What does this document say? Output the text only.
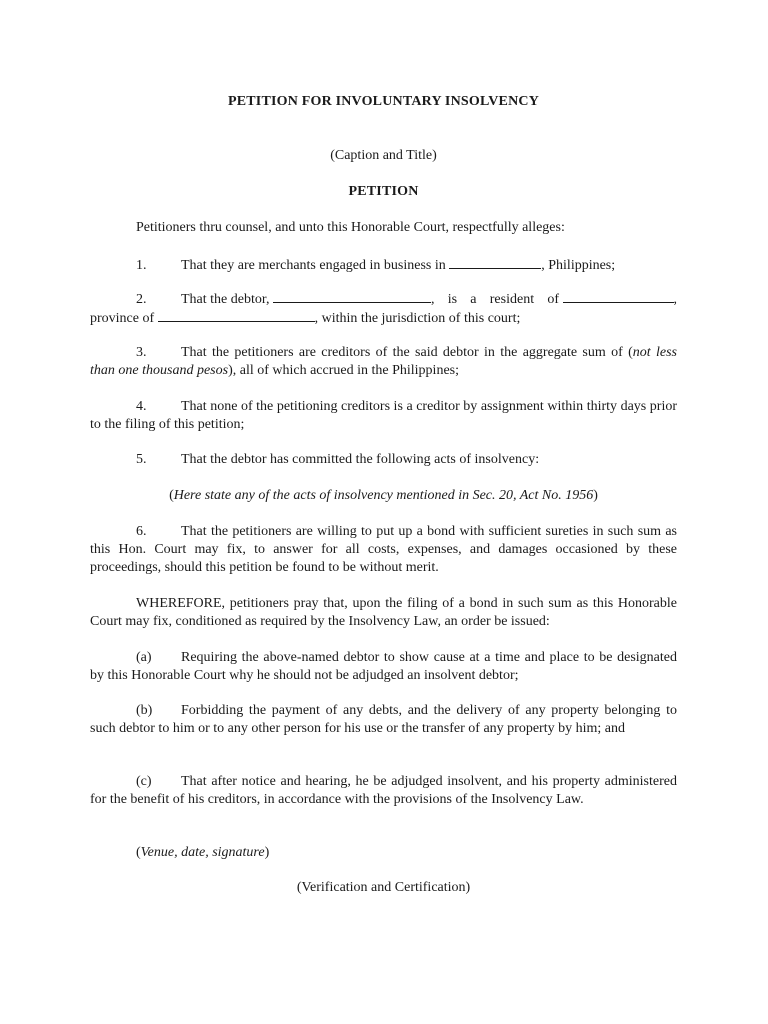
PETITION FOR INVOLUNTARY INSOLVENCY

(Caption and Title)

PETITION

Petitioners thru counsel, and unto this Honorable Court, respectfully alleges:

1. That they are merchants engaged in business in	, Philippines;

2.	That the debtor,	, is a resident of	,
province of	, within the jurisdiction of this court;

3. That the petitioners are creditors of the said debtor in the aggregate sum of (not less than one thousand pesos), all of which accrued in the Philippines;

4. That none of the petitioning creditors is a creditor by assignment within thirty days prior to the filing of this petition;

5. That the debtor has committed the following acts of insolvency:

(Here state any of the acts of insolvency mentioned in Sec. 20, Act No. 1956)

6. That the petitioners are willing to put up a bond with sufficient sureties in such sum as this Hon. Court may fix, to answer for all costs, expenses, and damages occasioned by these proceedings, should this petition be found to be without merit.

WHEREFORE, petitioners pray that, upon the filing of a bond in such sum as this Honorable Court may fix, conditioned as required by the Insolvency Law, an order be issued:

(a) Requiring the above-named debtor to show cause at a time and place to be designated by this Honorable Court why he should not be adjudged an insolvent debtor;

(b) Forbidding the payment of any debts, and the delivery of any property belonging to such debtor to him or to any other person for his use or the transfer of any property by him; and

(c) That after notice and hearing, he be adjudged insolvent, and his property administered for the benefit of his creditors, in accordance with the provisions of the Insolvency Law.

(Venue, date, signature)

(Verification and Certification)
